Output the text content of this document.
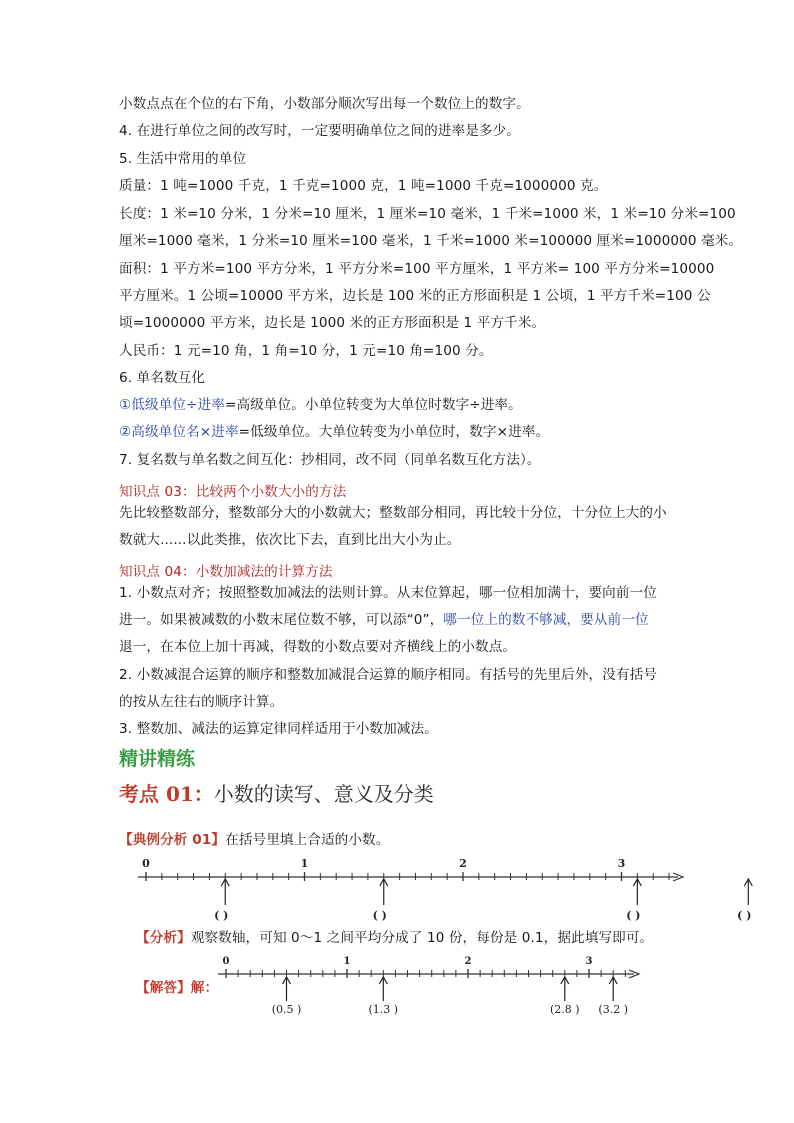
小数点点在个位的右下角，小数部分顺次写出每一个数位上的数字。
4. 在进行单位之间的改写时，一定要明确单位之间的进率是多少。
5. 生活中常用的单位
质量：1 吨=1000 千克，1 千克=1000 克，1 吨=1000 千克=1000000 克。
长度：1 米=10 分米，1 分米=10 厘米，1 厘米=10 毫米，1 千米=1000 米，1 米=10 分米=100
厘米=1000 毫米，1 分米=10 厘米=100 毫米，1 千米=1000 米=100000 厘米=1000000 毫米。
面积：1 平方米=100 平方分米，1 平方分米=100 平方厘米，1 平方米= 100 平方分米=10000
平方厘米。1 公顷=10000 平方米，边长是 100 米的正方形面积是 1 公顷，1 平方千米=100 公
顷=1000000 平方米，边长是 1000 米的正方形面积是 1 平方千米。
人民币：1 元=10 角，1 角=10 分，1 元=10 角=100 分。
6. 单名数互化
①低级单位÷进率=高级单位。小单位转变为大单位时数字÷进率。
②高级单位名×进率=低级单位。大单位转变为小单位时，数字×进率。
7. 复名数与单名数之间互化：抄相同，改不同（同单名数互化方法）。
知识点 03：比较两个小数大小的方法
先比较整数部分，整数部分大的小数就大；整数部分相同，再比较十分位，十分位上大的小
数就大......以此类推，依次比下去，直到比出大小为止。
知识点 04：小数加减法的计算方法
1. 小数点对齐；按照整数加减法的法则计算。从末位算起，哪一位相加满十，要向前一位
进一。如果被减数的小数末尾位数不够，可以添“0”，哪一位上的数不够减，要从前一位
退一，在本位上加十再减，得数的小数点要对齐横线上的小数点。
2. 小数减混合运算的顺序和整数加减混合运算的顺序相同。有括号的先里后外，没有括号
的按从左往右的顺序计算。
3. 整数加、减法的运算定律同样适用于小数加减法。
精讲精练
考点 01：小数的读写、意义及分类
【典例分析 01】在括号里填上合适的小数。
0	1	2	3
( )	( )	( )
( )
【分析】观察数轴，可知 0～1 之间平均分成了 10 份，每份是 0.1，据此填写即可。
【解答】解：
0	1	2	3
(0.5 )	(1.3 )	(2.8 ) (3.2 )
